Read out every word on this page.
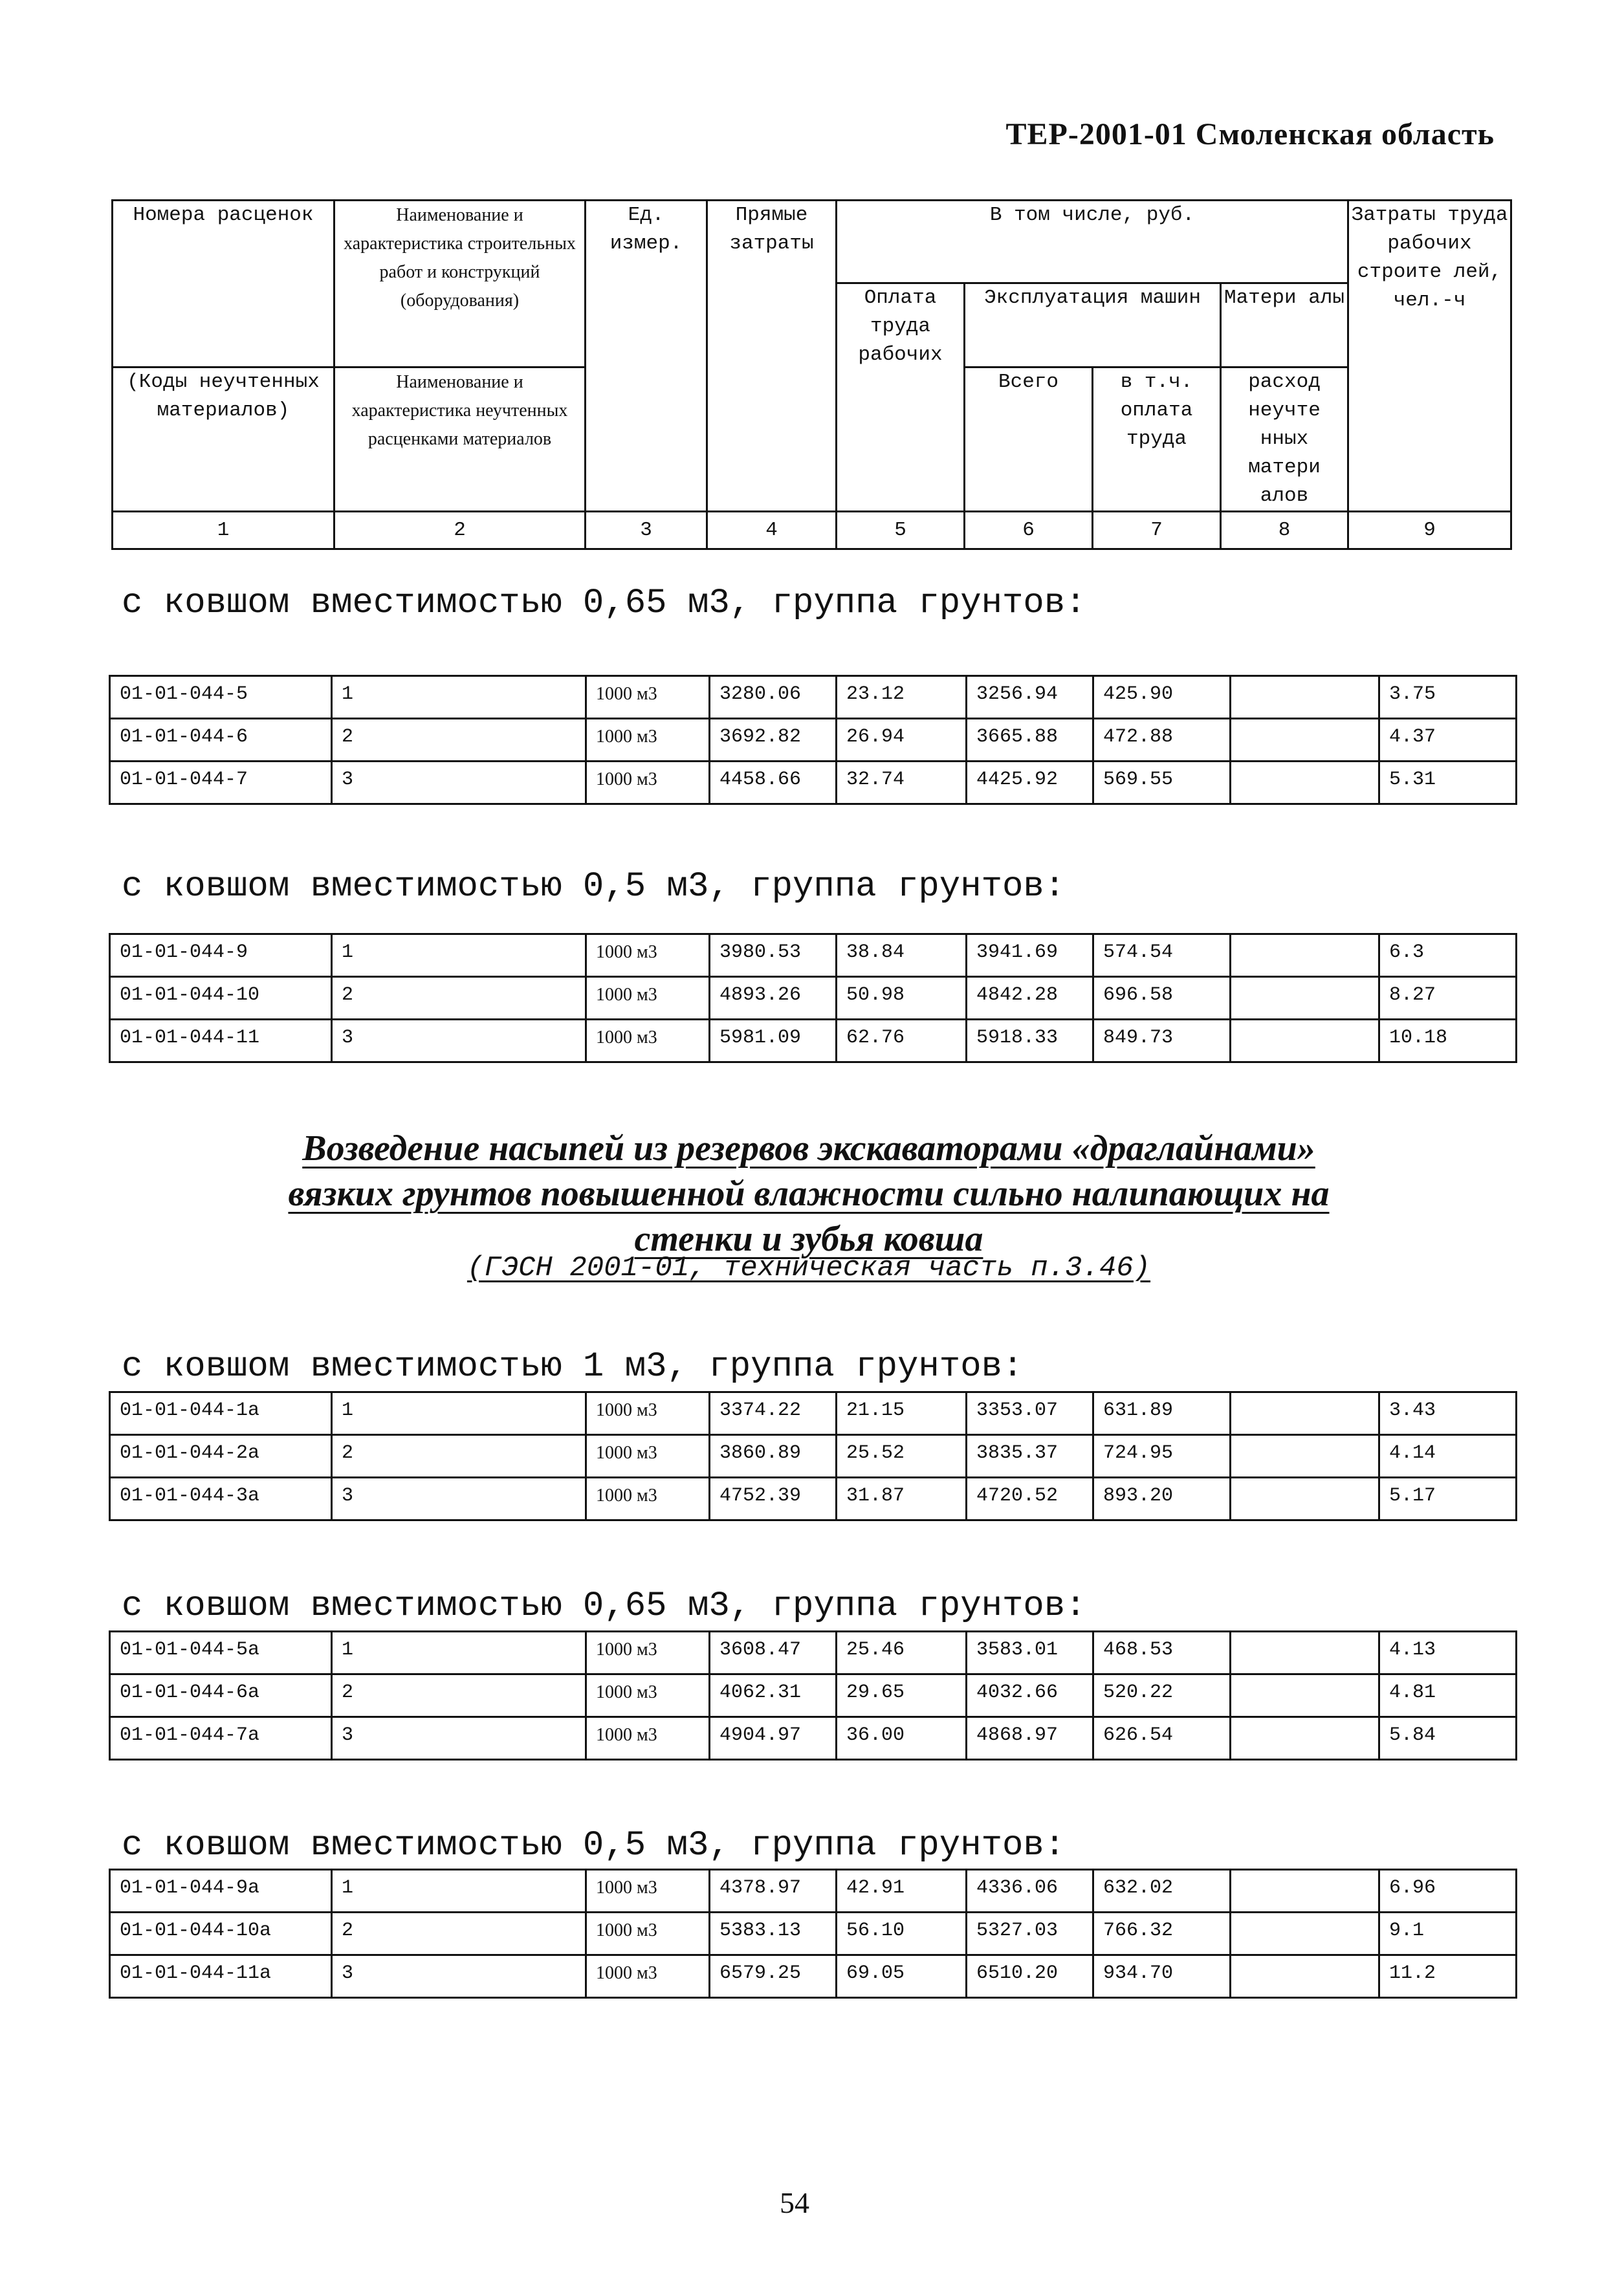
ТЕР-2001-01 Смоленская область
Номера расценок	Наименование и характеристика строительных работ и конструкций (оборудования)	Ед. измер.	Прямые затраты	В том числе, руб.				Затраты труда рабочих строите лей, чел.-ч
				Оплата труда рабочих	Эксплуатация машин		Матери алы	
(Коды неучтенных материалов)	Наименование и характеристика неучтенных расценками материалов				Всего	в т.ч. оплата труда	расход неучте нных матери алов	

1	2	3	4	5	6	7	8	9
с ковшом вместимостью 0,65 м3, группа грунтов:
01-01-044-5	1	1000 м3	3280.06	23.12	3256.94	425.90		3.75
01-01-044-6	2	1000 м3	3692.82	26.94	3665.88	472.88		4.37
01-01-044-7	3	1000 м3	4458.66	32.74	4425.92	569.55		5.31
с ковшом вместимостью 0,5 м3, группа грунтов:
01-01-044-9	1	1000 м3	3980.53	38.84	3941.69	574.54		6.3
01-01-044-10	2	1000 м3	4893.26	50.98	4842.28	696.58		8.27
01-01-044-11	3	1000 м3	5981.09	62.76	5918.33	849.73		10.18
Возведение насыпей из резервов экскаваторами «драглайнами»
вязких грунтов повышенной влажности сильно налипающих на
стенки и зубья ковша
(ГЭСН 2001-01, техническая часть п.3.46)
с ковшом вместимостью 1 м3, группа грунтов:
01-01-044-1а	1	1000 м3	3374.22	21.15	3353.07	631.89		3.43
01-01-044-2а	2	1000 м3	3860.89	25.52	3835.37	724.95		4.14
01-01-044-3а	3	1000 м3	4752.39	31.87	4720.52	893.20		5.17
с ковшом вместимостью 0,65 м3, группа грунтов:
01-01-044-5а	1	1000 м3	3608.47	25.46	3583.01	468.53		4.13
01-01-044-6а	2	1000 м3	4062.31	29.65	4032.66	520.22		4.81
01-01-044-7а	3	1000 м3	4904.97	36.00	4868.97	626.54		5.84
с ковшом вместимостью 0,5 м3, группа грунтов:
01-01-044-9а	1	1000 м3	4378.97	42.91	4336.06	632.02		6.96
01-01-044-10а	2	1000 м3	5383.13	56.10	5327.03	766.32		9.1
01-01-044-11а	3	1000 м3	6579.25	69.05	6510.20	934.70		11.2
54
